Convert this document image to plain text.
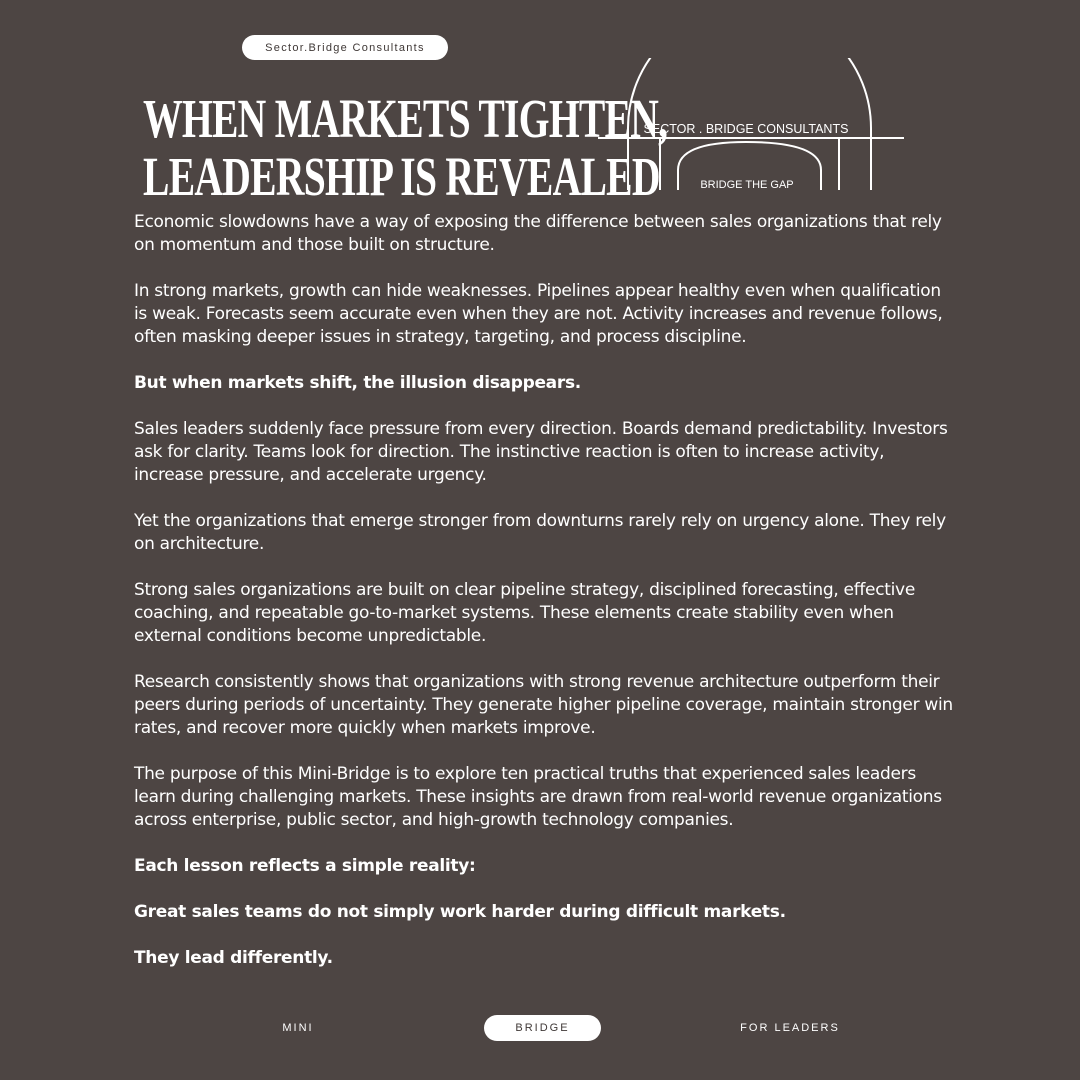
Sector.Bridge Consultants
WHEN MARKETS TIGHTEN,
LEADERSHIP IS REVEALED
SECTOR . BRIDGE CONSULTANTS
BRIDGE THE GAP

Economic slowdowns have a way of exposing the difference between sales organizations that rely on momentum and those built on structure.

In strong markets, growth can hide weaknesses. Pipelines appear healthy even when qualification is weak. Forecasts seem accurate even when they are not. Activity increases and revenue follows, often masking deeper issues in strategy, targeting, and process discipline.

But when markets shift, the illusion disappears.

Sales leaders suddenly face pressure from every direction. Boards demand predictability. Investors ask for clarity. Teams look for direction. The instinctive reaction is often to increase activity, increase pressure, and accelerate urgency.

Yet the organizations that emerge stronger from downturns rarely rely on urgency alone. They rely on architecture.

Strong sales organizations are built on clear pipeline strategy, disciplined forecasting, effective coaching, and repeatable go-to-market systems. These elements create stability even when external conditions become unpredictable.

Research consistently shows that organizations with strong revenue architecture outperform their peers during periods of uncertainty. They generate higher pipeline coverage, maintain stronger win rates, and recover more quickly when markets improve.

The purpose of this Mini-Bridge is to explore ten practical truths that experienced sales leaders learn during challenging markets. These insights are drawn from real-world revenue organizations across enterprise, public sector, and high-growth technology companies.

Each lesson reflects a simple reality:

Great sales teams do not simply work harder during difficult markets.

They lead differently.

MINI	BRIDGE	FOR LEADERS
